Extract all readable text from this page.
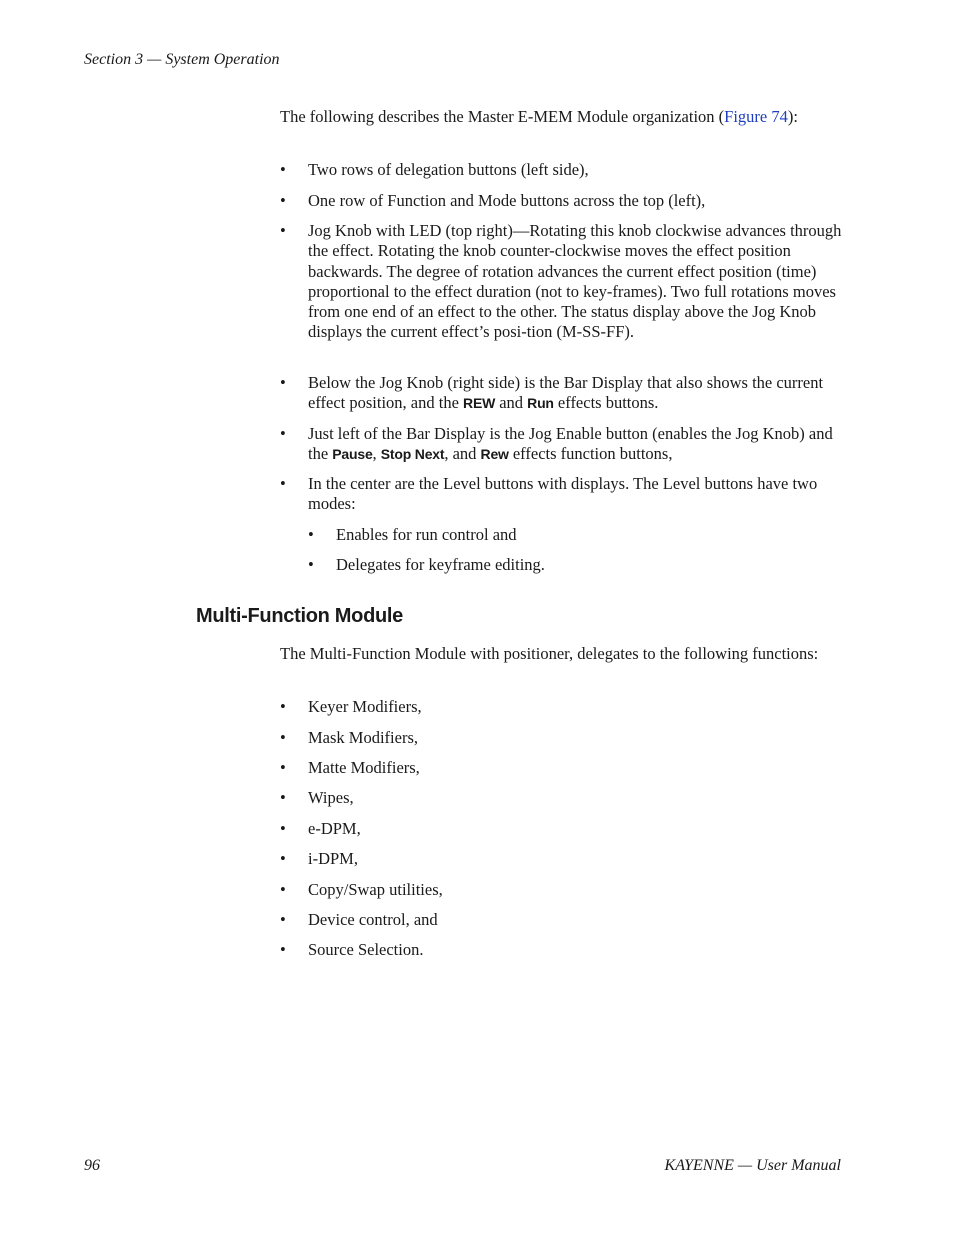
Section 3 — System Operation
The following describes the Master E-MEM Module organization (Figure 74):
• Two rows of delegation buttons (left side),
• One row of Function and Mode buttons across the top (left),
• Jog Knob with LED (top right)—Rotating this knob clockwise advances through the effect. Rotating the knob counter-clockwise moves the effect position backwards. The degree of rotation advances the current effect position (time) proportional to the effect duration (not to key-frames). Two full rotations moves from one end of an effect to the other. The status display above the Jog Knob displays the current effect’s posi-tion (M-SS-FF).
• Below the Jog Knob (right side) is the Bar Display that also shows the current effect position, and the REW and Run effects buttons.
• Just left of the Bar Display is the Jog Enable button (enables the Jog Knob) and the Pause, Stop Next, and Rew effects function buttons,
• In the center are the Level buttons with displays. The Level buttons have two modes:
• Enables for run control and
• Delegates for keyframe editing.
Multi-Function Module
The Multi-Function Module with positioner, delegates to the following functions:
• Keyer Modifiers,
• Mask Modifiers,
• Matte Modifiers,
• Wipes,
• e-DPM,
• i-DPM,
• Copy/Swap utilities,
• Device control, and
• Source Selection.
96	KAYENNE — User Manual
